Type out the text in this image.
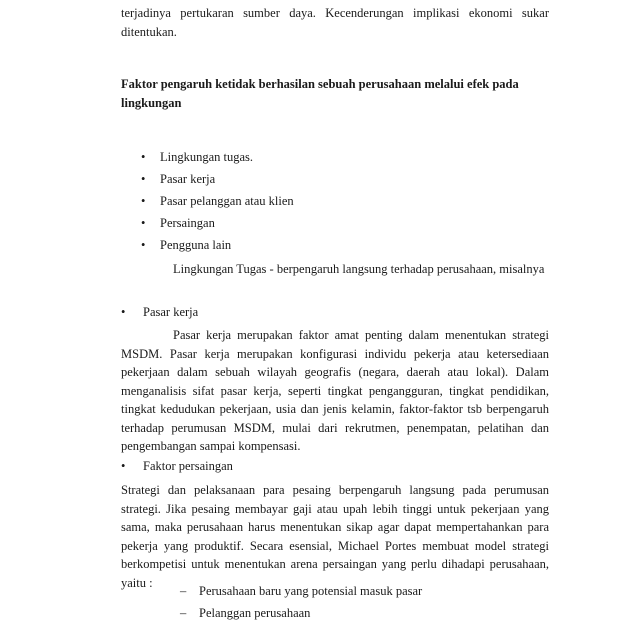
terjadinya pertukaran sumber daya. Kecenderungan implikasi ekonomi sukar ditentukan.
Faktor pengaruh ketidak berhasilan sebuah perusahaan melalui efek pada lingkungan
• Lingkungan tugas.
• Pasar kerja
• Pasar pelanggan atau klien
• Persaingan
• Pengguna lain
Lingkungan Tugas - berpengaruh langsung terhadap perusahaan, misalnya
• Pasar kerja
Pasar kerja merupakan faktor amat penting dalam menentukan strategi MSDM. Pasar kerja merupakan konfigurasi individu pekerja atau ketersediaan pekerjaan dalam sebuah wilayah geografis (negara, daerah atau lokal). Dalam menganalisis sifat pasar kerja, seperti tingkat pengangguran, tingkat pendidikan, tingkat kedudukan pekerjaan, usia dan jenis kelamin, faktor-faktor tsb berpengaruh terhadap perumusan MSDM, mulai dari rekrutmen, penempatan, pelatihan dan pengembangan sampai kompensasi.
• Faktor persaingan
Strategi dan pelaksanaan para pesaing berpengaruh langsung pada perumusan strategi. Jika pesaing membayar gaji atau upah lebih tinggi untuk pekerjaan yang sama, maka perusahaan harus menentukan sikap agar dapat mempertahankan para pekerja yang produktif. Secara esensial, Michael Portes membuat model strategi berkompetisi untuk menentukan arena persaingan yang perlu dihadapi perusahaan, yaitu :
– Perusahaan baru yang potensial masuk pasar
– Pelanggan perusahaan
